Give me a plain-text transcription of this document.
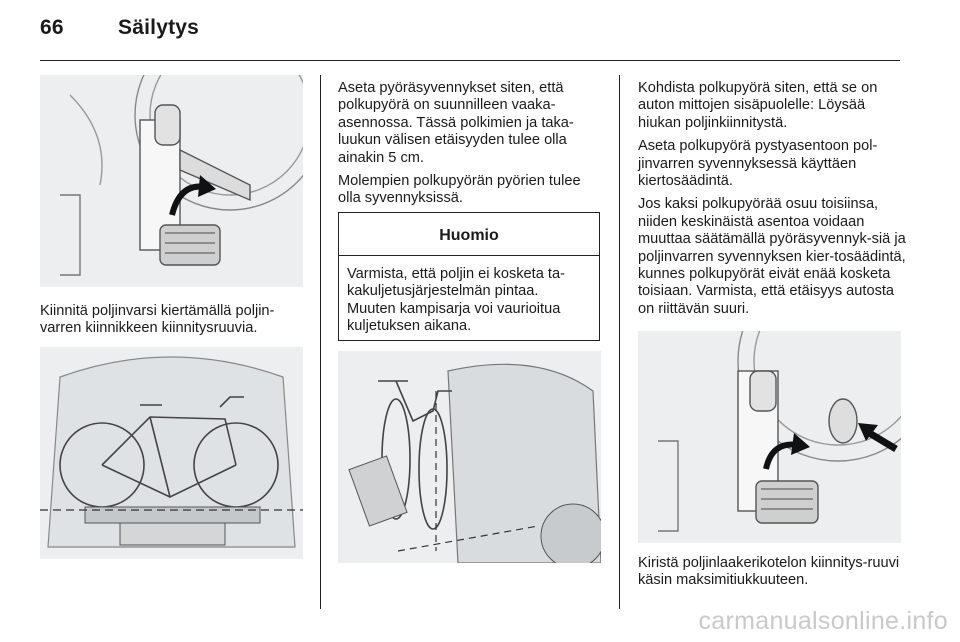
66	Säilytys

Kiinnitä poljinvarsi kiertämällä poljin-varren kiinnikkeen kiinnitysruuvia.

Aseta pyöräsyvennykset siten, että polkupyörä on suunnilleen vaaka-asennossa. Tässä polkimien ja taka-luukun välisen etäisyyden tulee olla ainakin 5 cm.

Molempien polkupyörän pyörien tulee olla syvennyksissä.

Huomio
Varmista, että poljin ei kosketa ta-kakuljetusjärjestelmän pintaa. Muuten kampisarja voi vaurioitua kuljetuksen aikana.

Kohdista polkupyörä siten, että se on auton mittojen sisäpuolelle: Löysää hiukan poljinkiinnitystä.

Aseta polkupyörä pystyasentoon pol-jinvarren syvennyksessä käyttäen kiertosäädintä.

Jos kaksi polkupyörää osuu toisiinsa, niiden keskinäistä asentoa voidaan muuttaa säätämällä pyöräsyvennyk-siä ja poljinvarren syvennyksen kier-tosäädintä, kunnes polkupyörät eivät enää kosketa toisiaan. Varmista, että etäisyys autosta on riittävän suuri.

Kiristä poljinlaakerikotelon kiinnitys-ruuvi käsin maksimitiukkuuteen.

carmanualsonline.info
